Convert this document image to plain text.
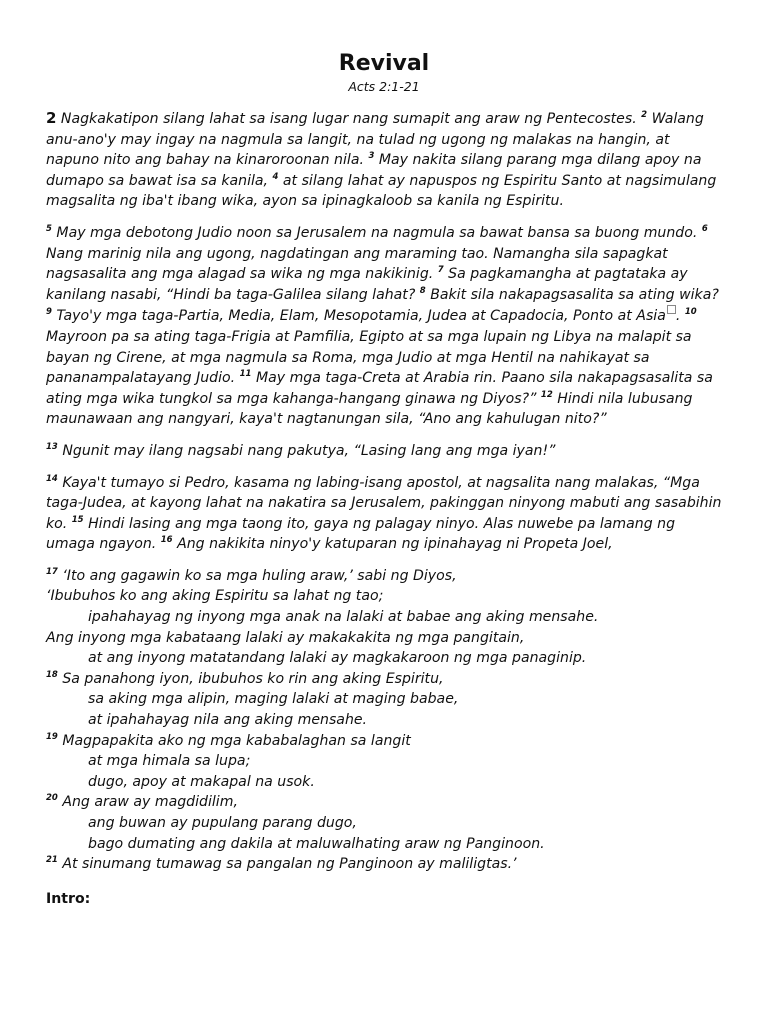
Revival
Acts 2:1-21

2 Nagkakatipon silang lahat sa isang lugar nang sumapit ang araw ng Pentecostes. $^2$ Walang anu-ano'y may ingay na nagmula sa langit, na tulad ng ugong ng malakas na hangin, at napuno nito ang bahay na kinaroroonan nila. $^3$ May nakita silang parang mga dilang apoy na dumapo sa bawat isa sa kanila, $^4$ at silang lahat ay napuspos ng Espiritu Santo at nagsimulang magsalita ng iba't ibang wika, ayon sa ipinagkaloob sa kanila ng Espiritu.

$^5$ May mga debotong Judio noon sa Jerusalem na nagmula sa bawat bansa sa buong mundo. $^6$ Nang marinig nila ang ugong, nagdatingan ang maraming tao. Namangha sila sapagkat nagsasalita ang mga alagad sa wika ng mga nakikinig. $^7$ Sa pagkamangha at pagtataka ay kanilang nasabi, “Hindi ba taga-Galilea silang lahat? $^8$ Bakit sila nakapagsasalita sa ating wika? $^9$ Tayo'y mga taga-Partia, Media, Elam, Mesopotamia, Judea at Capadocia, Ponto at Asia . $^{10}$ Mayroon pa sa ating taga-Frigia at Pamfilia, Egipto at sa mga lupain ng Libya na malapit sa bayan ng Cirene, at mga nagmula sa Roma, mga Judio at mga Hentil na nahikayat sa pananampalatayang Judio. $^{11}$ May mga taga-Creta at Arabia rin. Paano sila nakapagsasalita sa ating mga wika tungkol sa mga kahanga-hangang ginawa ng Diyos?” $^{12}$ Hindi nila lubusang maunawaan ang nangyari, kaya't nagtanungan sila, “Ano ang kahulugan nito?”

$^{13}$ Ngunit may ilang nagsabi nang pakutya, “Lasing lang ang mga iyan!”

$^{14}$ Kaya't tumayo si Pedro, kasama ng labing-isang apostol, at nagsalita nang malakas, “Mga taga-Judea, at kayong lahat na nakatira sa Jerusalem, pakinggan ninyong mabuti ang sasabihin ko. $^{15}$ Hindi lasing ang mga taong ito, gaya ng palagay ninyo. Alas nuwebe pa lamang ng umaga ngayon. $^{16}$ Ang nakikita ninyo'y katuparan ng ipinahayag ni Propeta Joel,

$^{17}$ ‘Ito ang gagawin ko sa mga huling araw,’ sabi ng Diyos,
‘Ibubuhos ko ang aking Espiritu sa lahat ng tao;
ipahahayag ng inyong mga anak na lalaki at babae ang aking mensahe.
Ang inyong mga kabataang lalaki ay makakakita ng mga pangitain,
at ang inyong matatandang lalaki ay magkakaroon ng mga panaginip.
$^{18}$ Sa panahong iyon, ibubuhos ko rin ang aking Espiritu,
sa aking mga alipin, maging lalaki at maging babae,
at ipahahayag nila ang aking mensahe.
$^{19}$ Magpapakita ako ng mga kababalaghan sa langit
at mga himala sa lupa;
dugo, apoy at makapal na usok.
$^{20}$ Ang araw ay magdidilim,
ang buwan ay pupulang parang dugo,
bago dumating ang dakila at maluwalhating araw ng Panginoon.
$^{21}$ At sinumang tumawag sa pangalan ng Panginoon ay maliligtas.’
Intro:
